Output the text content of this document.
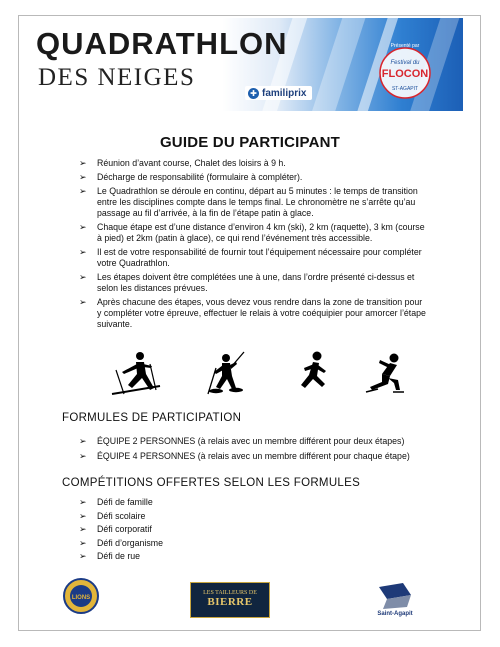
QUADRATHLON
DES NEIGES
✚ familiprix
Présenté par
Festival du
FLOCON
ST-AGAPIT
GUIDE DU PARTICIPANT
➢ Réunion d’avant course, Chalet des loisirs à 9 h.
➢ Décharge de responsabilité (formulaire à compléter).
➢ Le Quadrathlon se déroule en continu, départ au 5 minutes : le temps de transition entre les disciplines compte dans le temps final. Le chronomètre ne s’arrête qu’au passage au fil d’arrivée, à la fin de l’étape patin à glace.
➢ Chaque étape est d’une distance d’environ 4 km (ski), 2 km (raquette), 3 km (course à pied) et 2km (patin à glace), ce qui rend l’événement très accessible.
➢ Il est de votre responsabilité de fournir tout l’équipement nécessaire pour compléter votre Quadrathlon.
➢ Les étapes doivent être complétées une à une, dans l’ordre présenté ci-dessus et selon les distances prévues.
➢ Après chacune des étapes, vous devez vous rendre dans la zone de transition pour y compléter votre épreuve, effectuer le relais à votre coéquipier pour amorcer l’étape suivante.
FORMULES DE PARTICIPATION
➢ ÉQUIPE 2 PERSONNES (à relais avec un membre différent pour deux étapes)
➢ ÉQUIPE 4 PERSONNES (à relais avec un membre différent pour chaque étape)
COMPÉTITIONS OFFERTES SELON LES FORMULES
➢ Défi de famille
➢ Défi scolaire
➢ Défi corporatif
➢ Défi d’organisme
➢ Défi de rue
LIONS
LES TAILLEURS DE
BIERRE
Saint-Agapit
